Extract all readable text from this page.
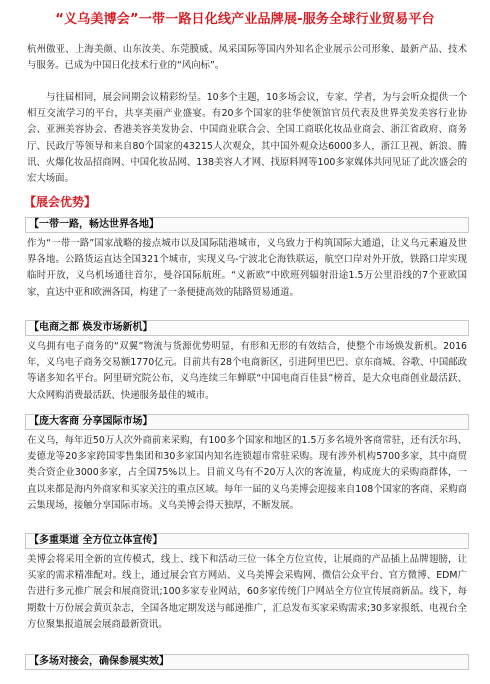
“义乌美博会”一带一路日化线产业品牌展-服务全球行业贸易平台

杭州傲亚、上海美颜、山东汝美、东莞膜威、凤采国际等国内外知名企业展示公司形象、最新产品、技术与服务。已成为中国日化技术行业的“风向标”。

与往届相同，展会同期会议精彩纷呈。10多个主题，10多场会议，专家、学者，为与会听众提供一个相互交流学习的平台，共享美丽产业盛宴。有20多个国家的驻华使领馆官员代表及世界美发美容行业协会、亚洲美容协会、香港美容美发协会、中国商业联合会、全国工商联化妆品业商会、浙江省政府、商务厅、民政厅等领导和来自80个国家的43215人次观众，其中国外观众达6000多人，浙江卫视、新浪、腾讯、火爆化妆品招商网、中国化妆品网、138美容人才网、找原料网等100多家媒体共同见证了此次盛会的宏大场面。

【展会优势】
【一带一路，畅达世界各地】

作为“一带一路”国家战略的接点城市以及国际陆港城市，义乌致力于构筑国际大通道，让义乌元素遍及世界各地。公路货运直达全国321个城市，实现义乌-宁波北仑海铁联运，航空口岸对外开放，铁路口岸实现临时开放，义乌机场通往首尔，曼谷国际航班。“义新欧”中欧班列辐射沿途1.5万公里沿线的7个亚欧国家，直达中亚和欧洲各国，构建了一条便捷高效的陆路贸易通道。

【电商之都 焕发市场新机】

义乌拥有电子商务的“双翼”物流与货源优势明显，有形和无形的有效结合，使整个市场焕发新机。2016年，义乌电子商务交易额1770亿元。目前共有28个电商新区，引进阿里巴巴、京东商城、谷歌、中国邮政等诸多知名平台。阿里研究院公布，义乌连续三年蝉联“中国电商百佳县”榜首，是大众电商创业最活跃、大众网购消费最活跃、快递服务最佳的城市。

【庞大客商 分享国际市场】

在义乌，每年近50万人次外商前来采购，有100多个国家和地区的1.5万多名境外客商常驻，还有沃尔玛、麦德龙等20多家跨国零售集团和30多家国内知名连锁超市常驻采购。现有涉外机构5700多家，其中商贸类合资企业3000多家，占全国75%以上。目前义乌有不20万人次的客流量，构成庞大的采购商群体，一直以来都是海内外商家和买家关注的重点区域。每年一届的义乌美博会迎接来自108个国家的客商、采购商云集现场，接触分享国际市场。义乌美博会得天独厚，不断发展。

【多重渠道 全方位立体宣传】

美博会将采用全新的宣传模式，线上、线下和活动三位一体全方位宣传，让展商的产品插上品牌翅膀，让买家的需求精准配对。线上，通过展会官方网站、义乌美博会采购网、微信公众平台、官方微博、EDM广告进行多元推广展会和展商资讯;100多家专业网站，60多家传统门户网站全方位宣传展商新品。线下，每期数十万份展会黄页杂志，全国各地定期发送与邮递推广，汇总发布买家采购需求;30多家报纸、电视台全方位聚集报道展会展商最新资讯。

【多场对接会，确保参展实效】
